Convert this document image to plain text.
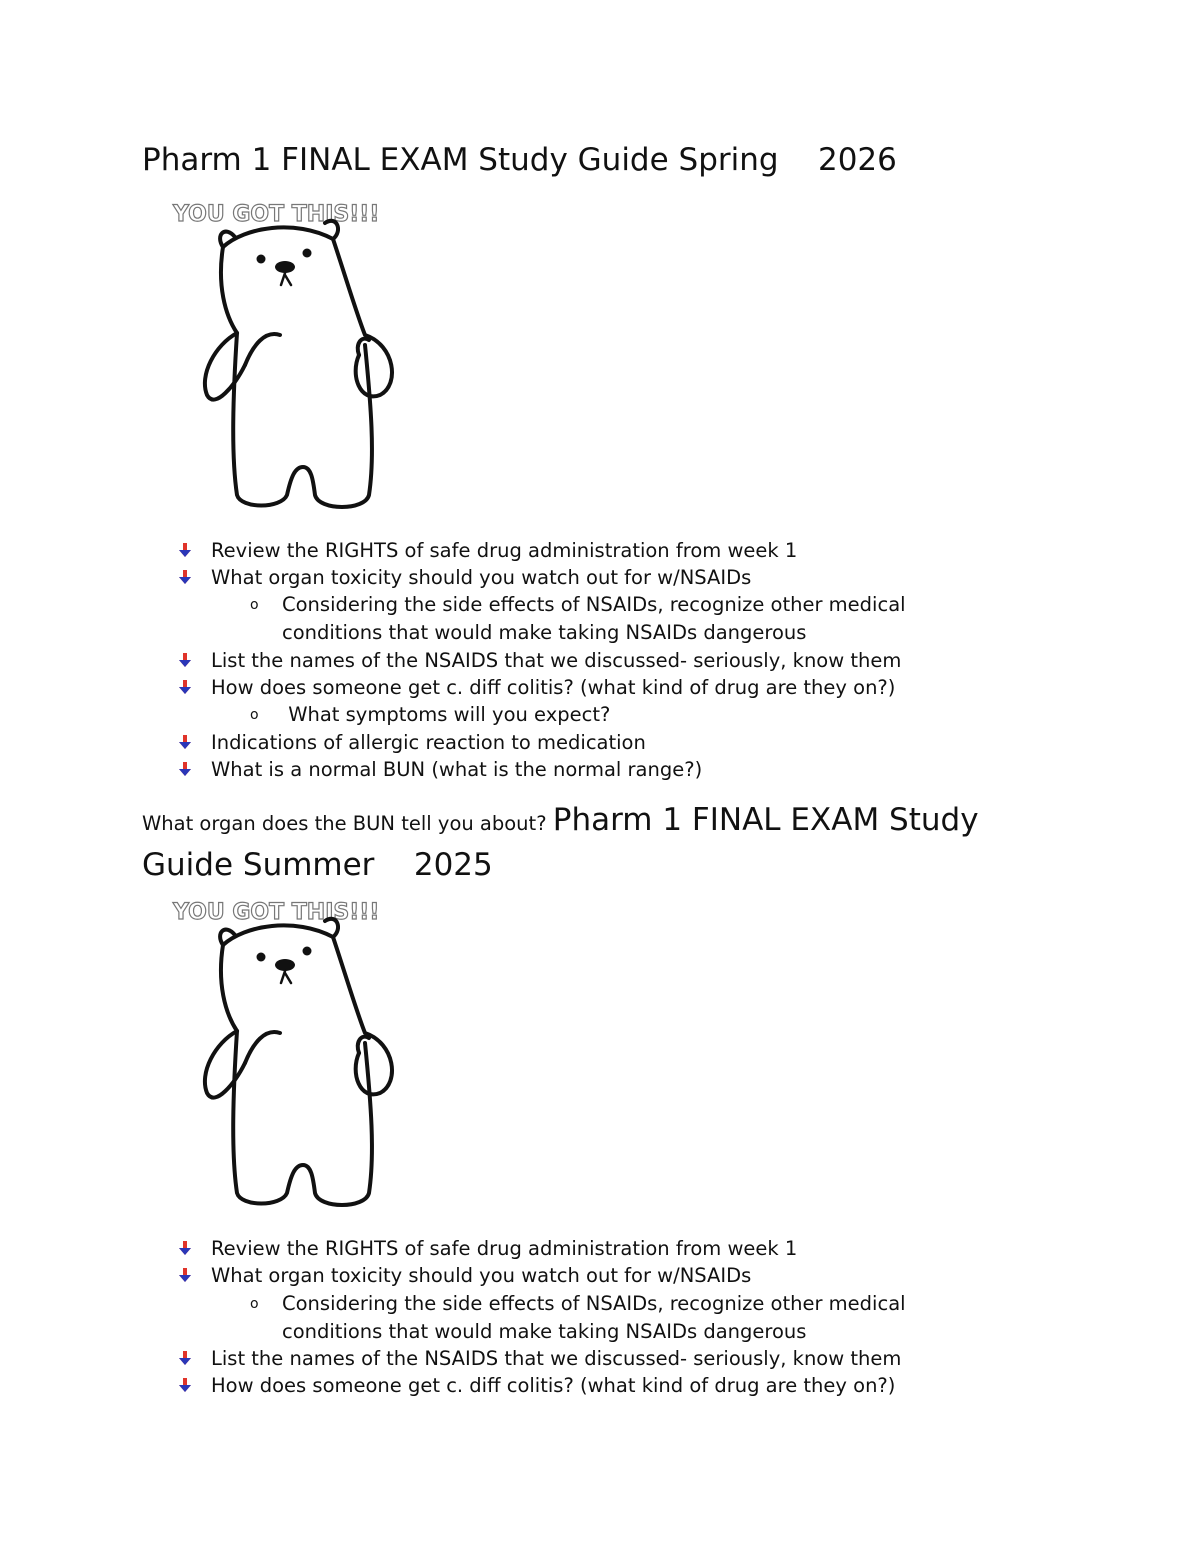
Pharm 1 FINAL EXAM Study Guide Spring    2026
YOU GOT THIS!!!
Review the RIGHTS of safe drug administration from week 1
What organ toxicity should you watch out for w/NSAIDs
o Considering the side effects of NSAIDs, recognize other medical
conditions that would make taking NSAIDs dangerous
List the names of the NSAIDS that we discussed- seriously, know them
How does someone get c. diff colitis? (what kind of drug are they on?)
o What symptoms will you expect?
Indications of allergic reaction to medication
What is a normal BUN (what is the normal range?)
What organ does the BUN tell you about? Pharm 1 FINAL EXAM Study
Guide Summer    2025
YOU GOT THIS!!!
Review the RIGHTS of safe drug administration from week 1
What organ toxicity should you watch out for w/NSAIDs
o Considering the side effects of NSAIDs, recognize other medical
conditions that would make taking NSAIDs dangerous
List the names of the NSAIDS that we discussed- seriously, know them
How does someone get c. diff colitis? (what kind of drug are they on?)
